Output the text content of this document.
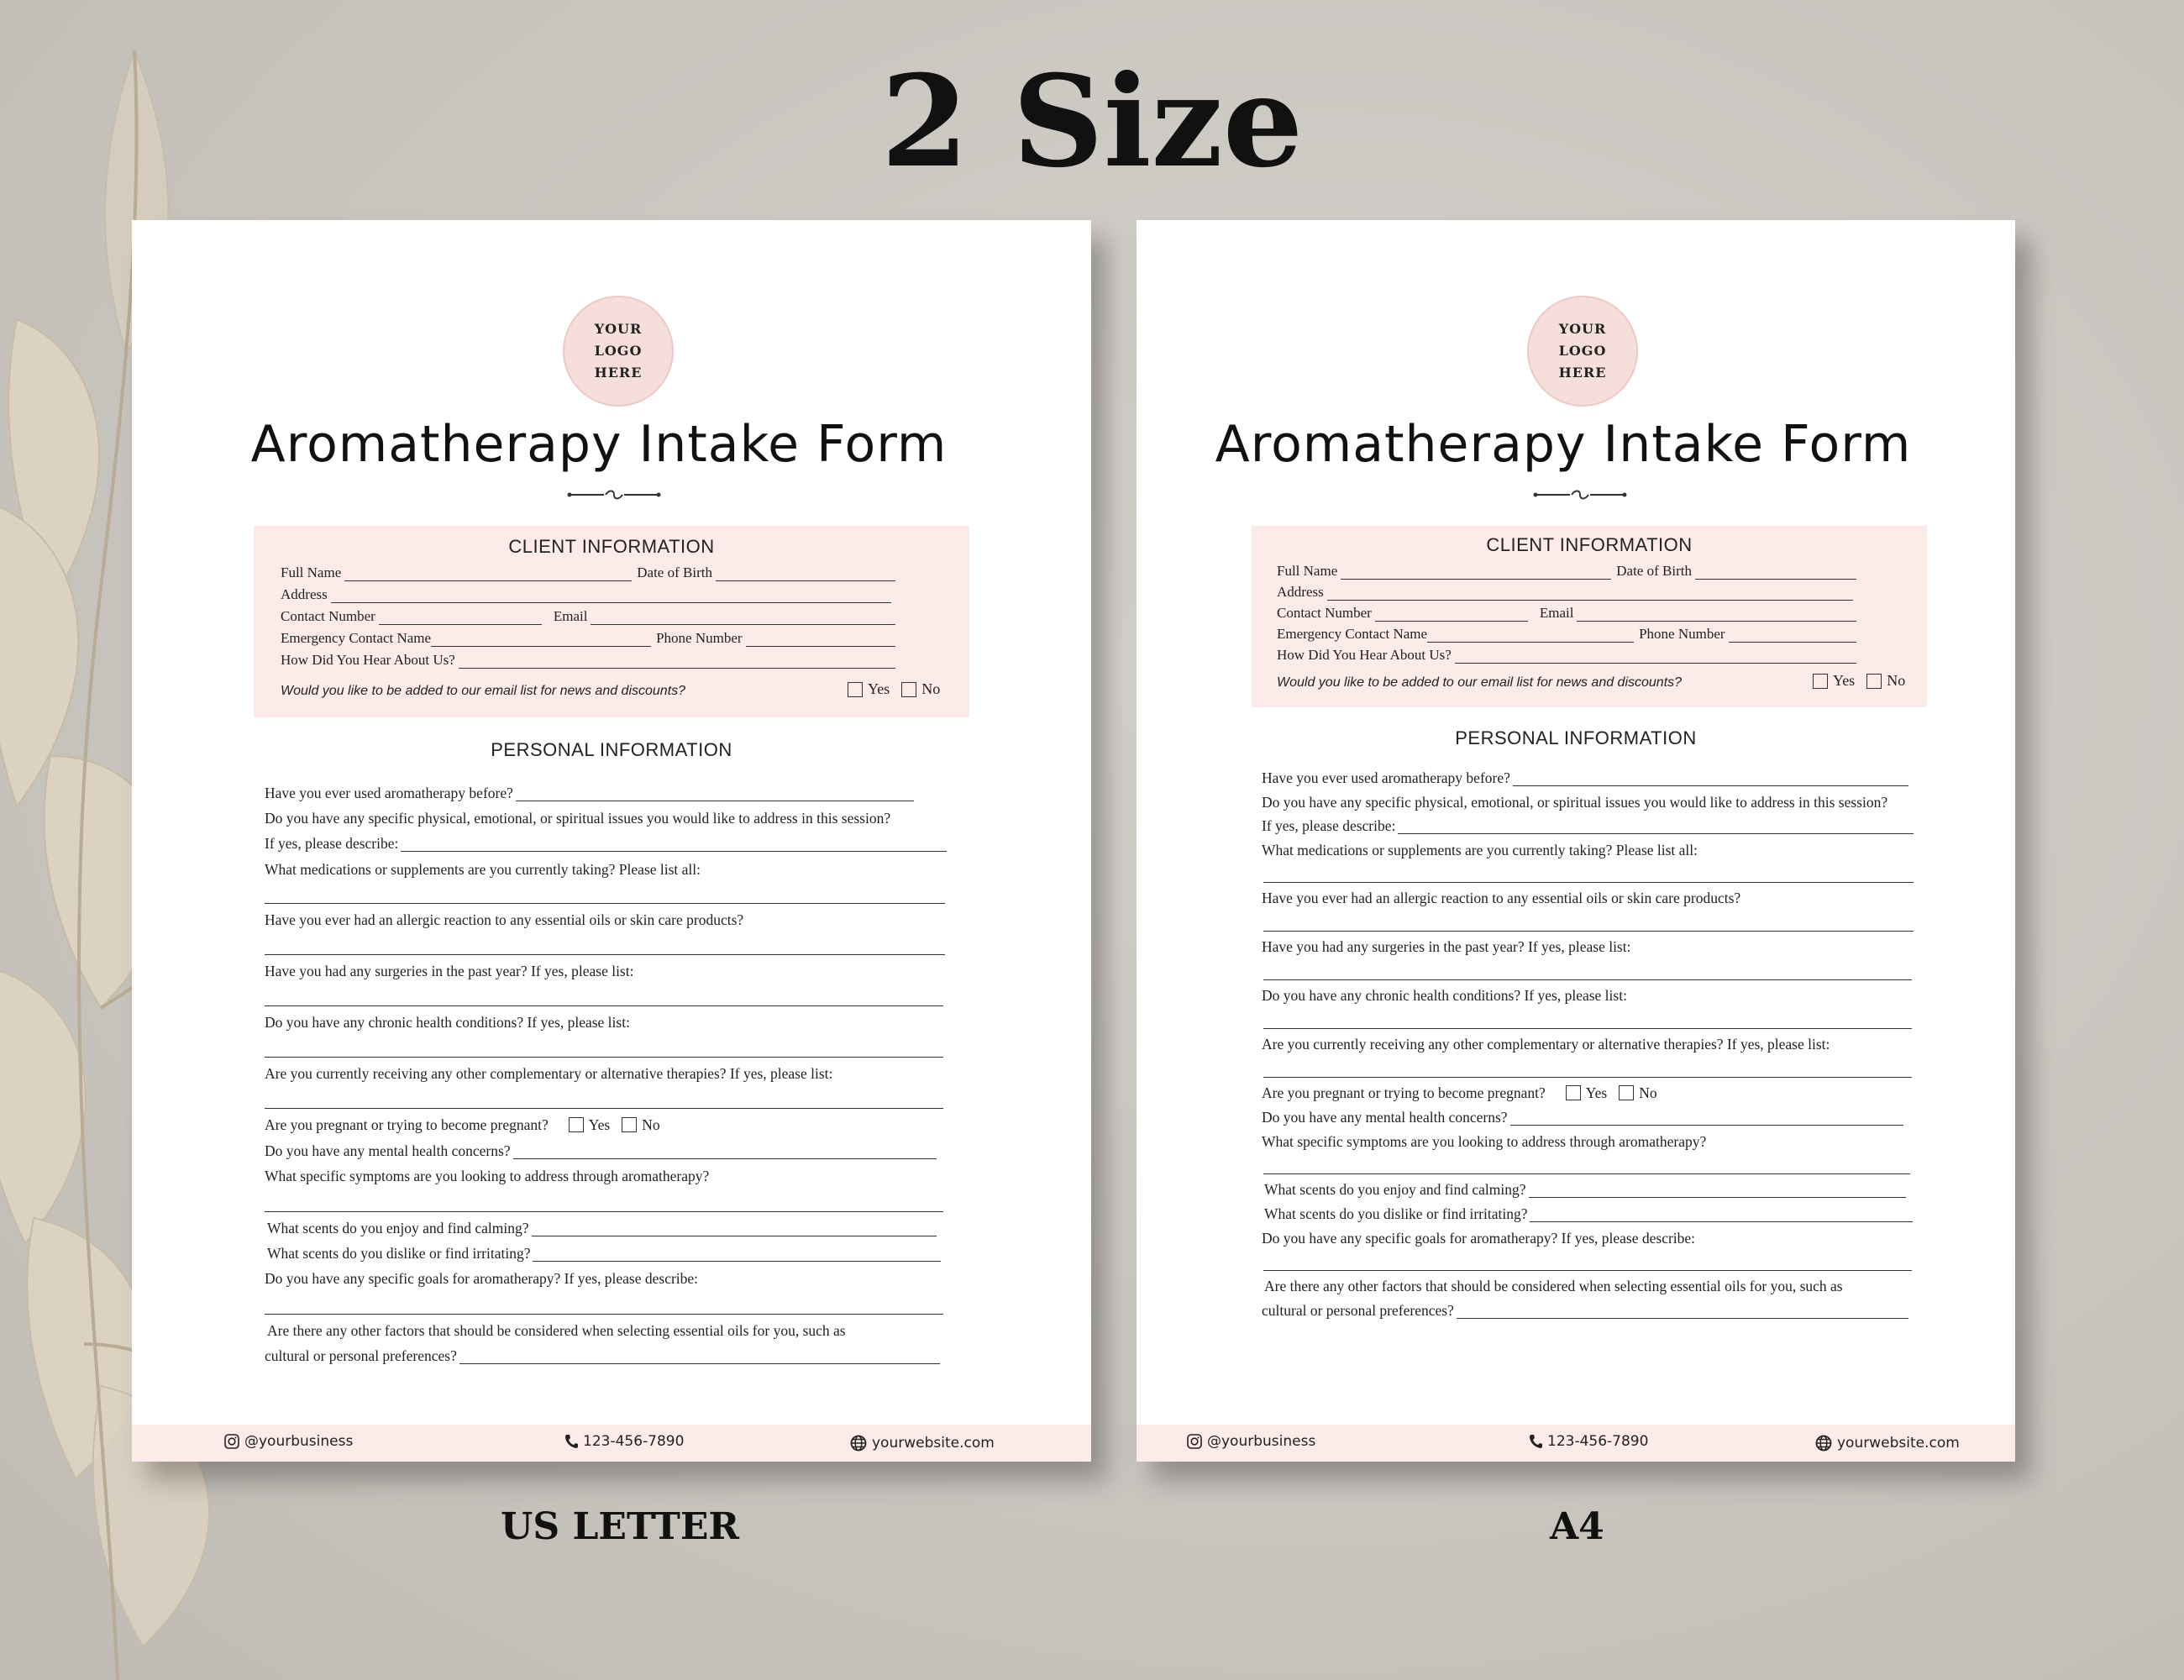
2 Size
YOUR
LOGO
HERE
Aromatherapy Intake Form
CLIENT INFORMATION
Full Name	Date of Birth
Address
Contact Number	Email
Emergency Contact Name	Phone Number
How Did You Hear About Us?
Would you like to be added to our email list for news and discounts?	Yes No
PERSONAL INFORMATION
Have you ever used aromatherapy before?
Do you have any specific physical, emotional, or spiritual issues you would like to address in this session?
If yes, please describe:
What medications or supplements are you currently taking? Please list all:
Have you ever had an allergic reaction to any essential oils or skin care products?
Have you had any surgeries in the past year? If yes, please list:
Do you have any chronic health conditions? If yes, please list:
Are you currently receiving any other complementary or alternative therapies? If yes, please list:
Are you pregnant or trying to become pregnant?	Yes No
Do you have any mental health concerns?
What specific symptoms are you looking to address through aromatherapy?
What scents do you enjoy and find calming?
What scents do you dislike or find irritating?
Do you have any specific goals for aromatherapy? If yes, please describe:
Are there any other factors that should be considered when selecting essential oils for you, such as
cultural or personal preferences?
@yourbusiness	123-456-7890	yourwebsite.com
YOUR
LOGO
HERE
Aromatherapy Intake Form
CLIENT INFORMATION
Full Name	Date of Birth
Address
Contact Number	Email
Emergency Contact Name	Phone Number
How Did You Hear About Us?
Would you like to be added to our email list for news and discounts?	Yes No
PERSONAL INFORMATION
Have you ever used aromatherapy before?
Do you have any specific physical, emotional, or spiritual issues you would like to address in this session?
If yes, please describe:
What medications or supplements are you currently taking? Please list all:
Have you ever had an allergic reaction to any essential oils or skin care products?
Have you had any surgeries in the past year? If yes, please list:
Do you have any chronic health conditions? If yes, please list:
Are you currently receiving any other complementary or alternative therapies? If yes, please list:
Are you pregnant or trying to become pregnant?	Yes No
Do you have any mental health concerns?
What specific symptoms are you looking to address through aromatherapy?
What scents do you enjoy and find calming?
What scents do you dislike or find irritating?
Do you have any specific goals for aromatherapy? If yes, please describe:
Are there any other factors that should be considered when selecting essential oils for you, such as
cultural or personal preferences?
@yourbusiness	123-456-7890	yourwebsite.com
US LETTER	A4
